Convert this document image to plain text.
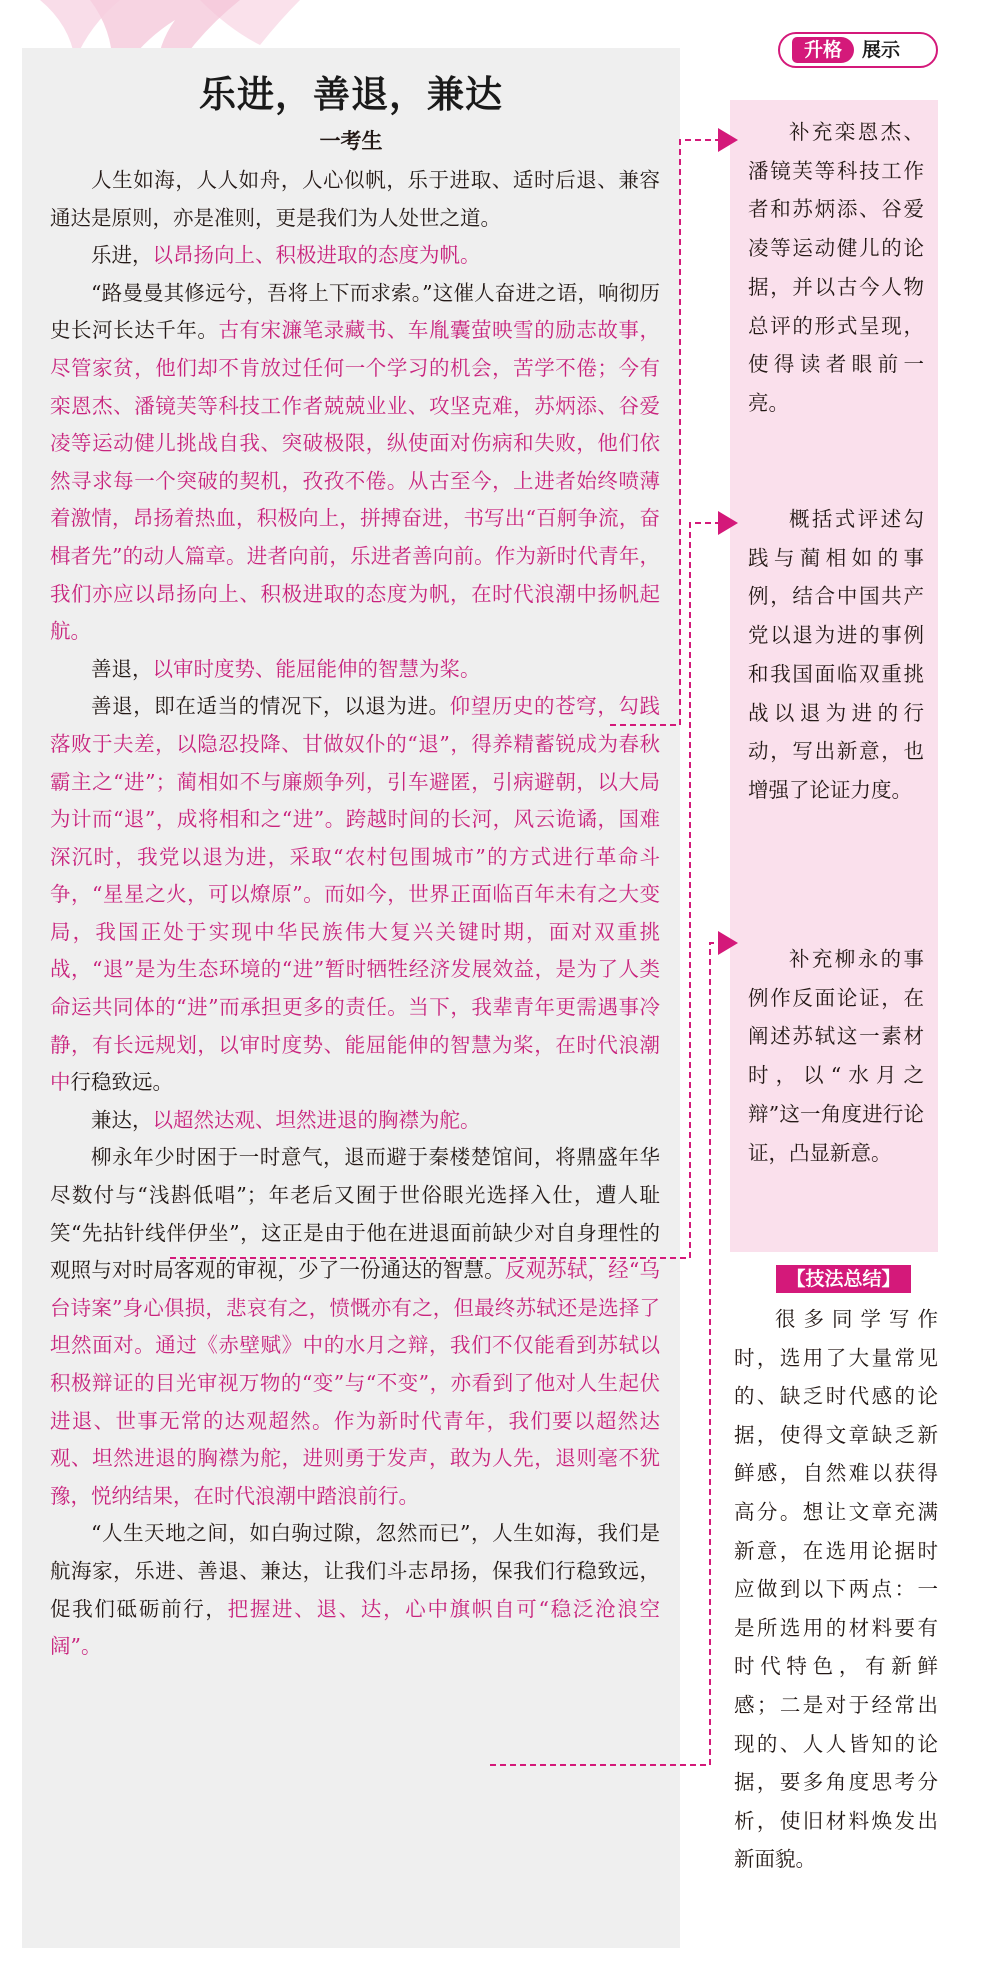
乐进，善退，兼达
一考生

人生如海，人人如舟，人心似帆，乐于进取、适时后退、兼容通达是原则，亦是准则，更是我们为人处世之道。

乐进，以昂扬向上、积极进取的态度为帆。

“路曼曼其修远兮，吾将上下而求索。”这催人奋进之语，响彻历史长河长达千年。古有宋濂笔录藏书、车胤囊萤映雪的励志故事，尽管家贫，他们却不肯放过任何一个学习的机会，苦学不倦；今有栾恩杰、潘镜芙等科技工作者兢兢业业、攻坚克难，苏炳添、谷爱凌等运动健儿挑战自我、突破极限，纵使面对伤病和失败，他们依然寻求每一个突破的契机，孜孜不倦。从古至今，上进者始终喷薄着激情，昂扬着热血，积极向上，拼搏奋进，书写出“百舸争流，奋楫者先”的动人篇章。进者向前，乐进者善向前。作为新时代青年，我们亦应以昂扬向上、积极进取的态度为帆，在时代浪潮中扬帆起航。

善退，以审时度势、能屈能伸的智慧为桨。

善退，即在适当的情况下，以退为进。仰望历史的苍穹，勾践落败于夫差，以隐忍投降、甘做奴仆的“退”，得养精蓄锐成为春秋霸主之“进”；蔺相如不与廉颇争列，引车避匿，引病避朝，以大局为计而“退”，成将相和之“进”。跨越时间的长河，风云诡谲，国难深沉时，我党以退为进，采取“农村包围城市”的方式进行革命斗争，“星星之火，可以燎原”。而如今，世界正面临百年未有之大变局，我国正处于实现中华民族伟大复兴关键时期，面对双重挑战，“退”是为生态环境的“进”暂时牺牲经济发展效益，是为了人类命运共同体的“进”而承担更多的责任。当下，我辈青年更需遇事冷静，有长远规划，以审时度势、能屈能伸的智慧为桨，在时代浪潮中行稳致远。

兼达，以超然达观、坦然进退的胸襟为舵。

柳永年少时困于一时意气，退而避于秦楼楚馆间，将鼎盛年华尽数付与“浅斟低唱”；年老后又囿于世俗眼光选择入仕，遭人耻笑“先拈针线伴伊坐”，这正是由于他在进退面前缺少对自身理性的观照与对时局客观的审视，少了一份通达的智慧。反观苏轼，经“乌台诗案”身心俱损，悲哀有之，愤慨亦有之，但最终苏轼还是选择了坦然面对。通过《赤壁赋》中的水月之辩，我们不仅能看到苏轼以积极辩证的目光审视万物的“变”与“不变”，亦看到了他对人生起伏进退、世事无常的达观超然。作为新时代青年，我们要以超然达观、坦然进退的胸襟为舵，进则勇于发声，敢为人先，退则毫不犹豫，悦纳结果，在时代浪潮中踏浪前行。

“人生天地之间，如白驹过隙，忽然而已”，人生如海，我们是航海家，乐进、善退、兼达，让我们斗志昂扬，保我们行稳致远，促我们砥砺前行，把握进、退、达，心中旗帜自可“稳泛沧浪空阔”。

升格	展示

补充栾恩杰、潘镜芙等科技工作者和苏炳添、谷爱凌等运动健儿的论据，并以古今人物总评的形式呈现，使得读者眼前一亮。

概括式评述勾践与蔺相如的事例，结合中国共产党以退为进的事例和我国面临双重挑战以退为进的行动，写出新意，也增强了论证力度。

补充柳永的事例作反面论证，在阐述苏轼这一素材时，以“水月之辩”这一角度进行论证，凸显新意。

【技法总结】

很多同学写作时，选用了大量常见的、缺乏时代感的论据，使得文章缺乏新鲜感，自然难以获得高分。想让文章充满新意，在选用论据时应做到以下两点：一是所选用的材料要有时代特色，有新鲜感；二是对于经常出现的、人人皆知的论据，要多角度思考分析，使旧材料焕发出新面貌。
